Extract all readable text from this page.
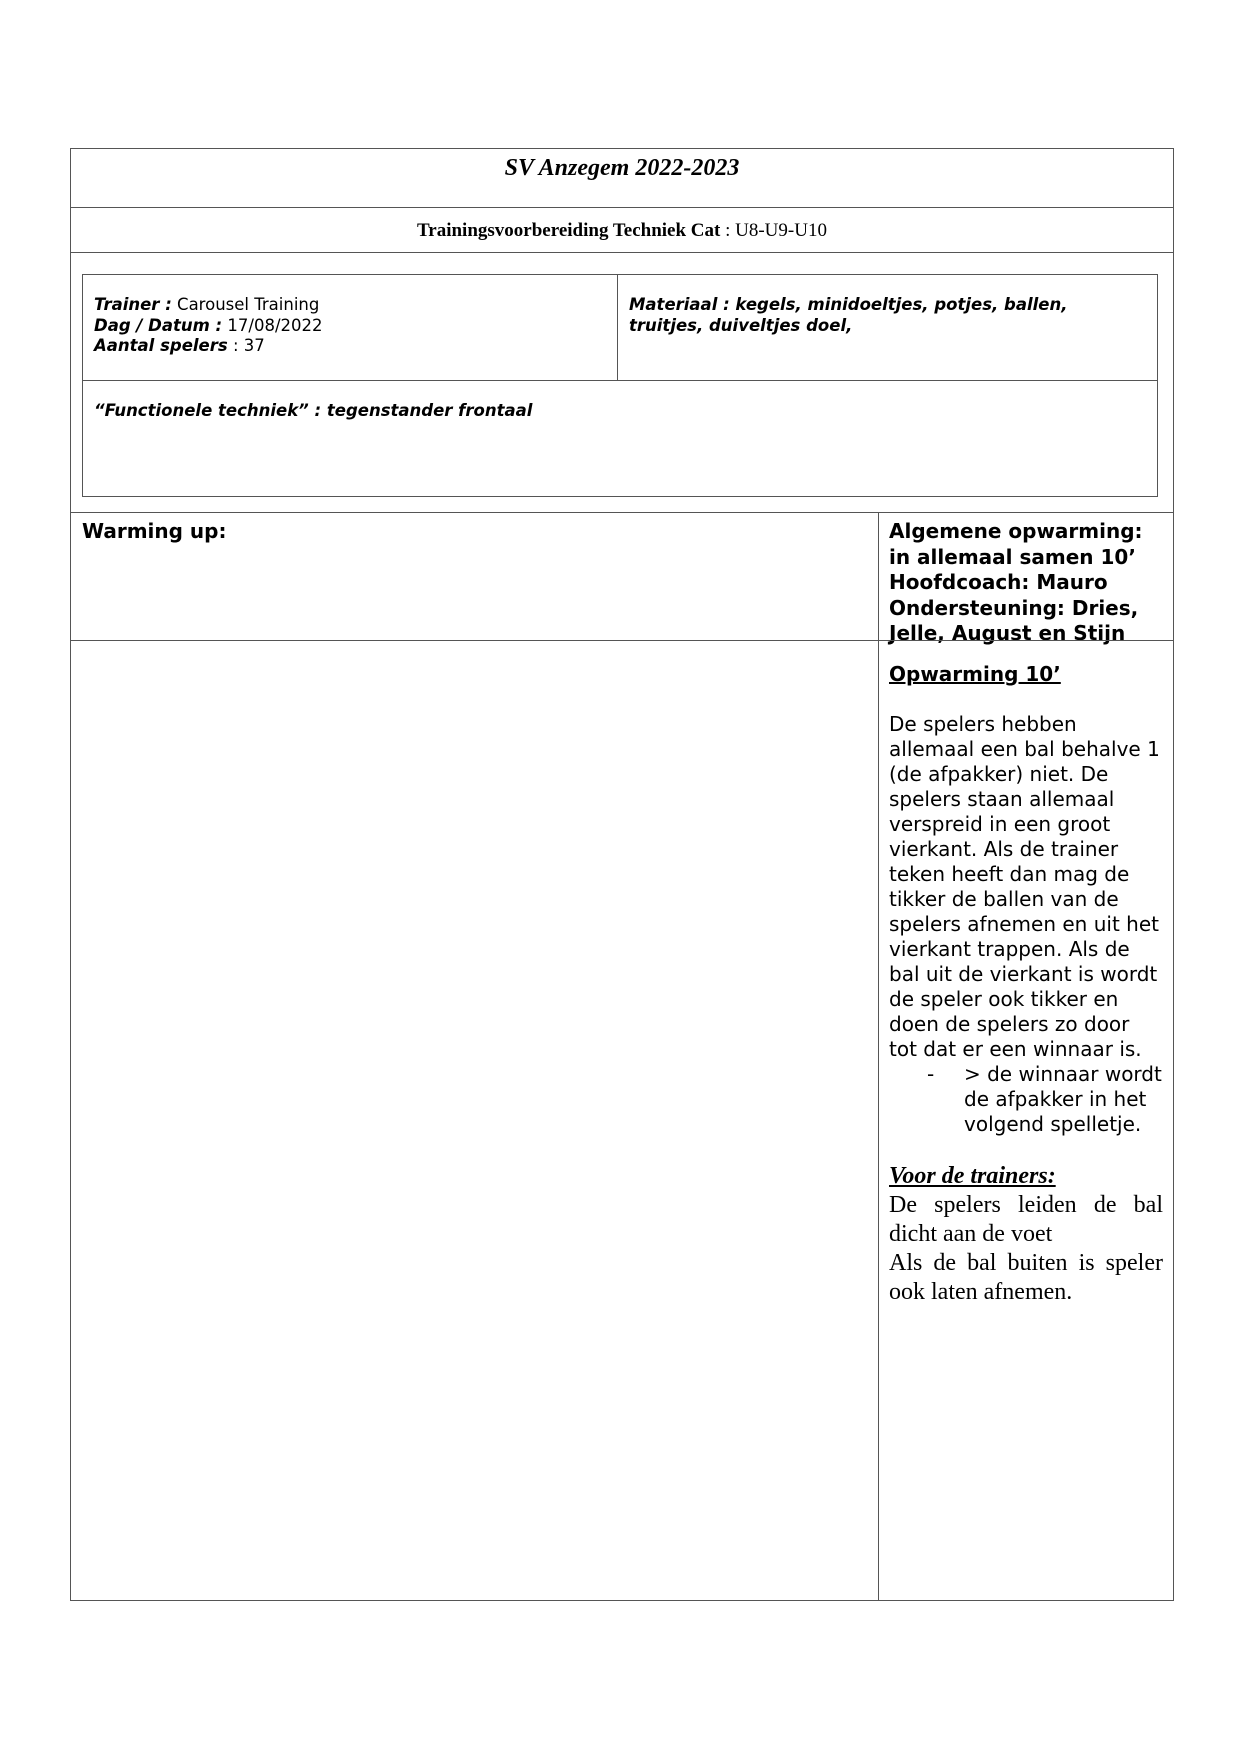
SV Anzegem 2022-2023
Trainingsvoorbereiding Techniek Cat : U8-U9-U10
Trainer : Carousel Training
Dag / Datum : 17/08/2022
Aantal spelers : 37
Materiaal : kegels, minidoeltjes, potjes, ballen, truitjes, duiveltjes doel,
“Functionele techniek” : tegenstander frontaal
Warming up:	Algemene opwarming:
in allemaal samen 10’
Hoofdcoach: Mauro
Ondersteuning: Dries,
Jelle, August en Stijn
Opwarming 10’
De spelers hebben allemaal een bal behalve 1 (de afpakker) niet. De spelers staan allemaal verspreid in een groot vierkant. Als de trainer teken heeft dan mag de tikker de ballen van de spelers afnemen en uit het vierkant trappen. Als de bal uit de vierkant is wordt de speler ook tikker en doen de spelers zo door tot dat er een winnaar is.
-	> de winnaar wordt de afpakker in het volgend spelletje.
Voor de trainers:
De spelers leiden de bal dicht aan de voet
Als de bal buiten is speler ook laten afnemen.
